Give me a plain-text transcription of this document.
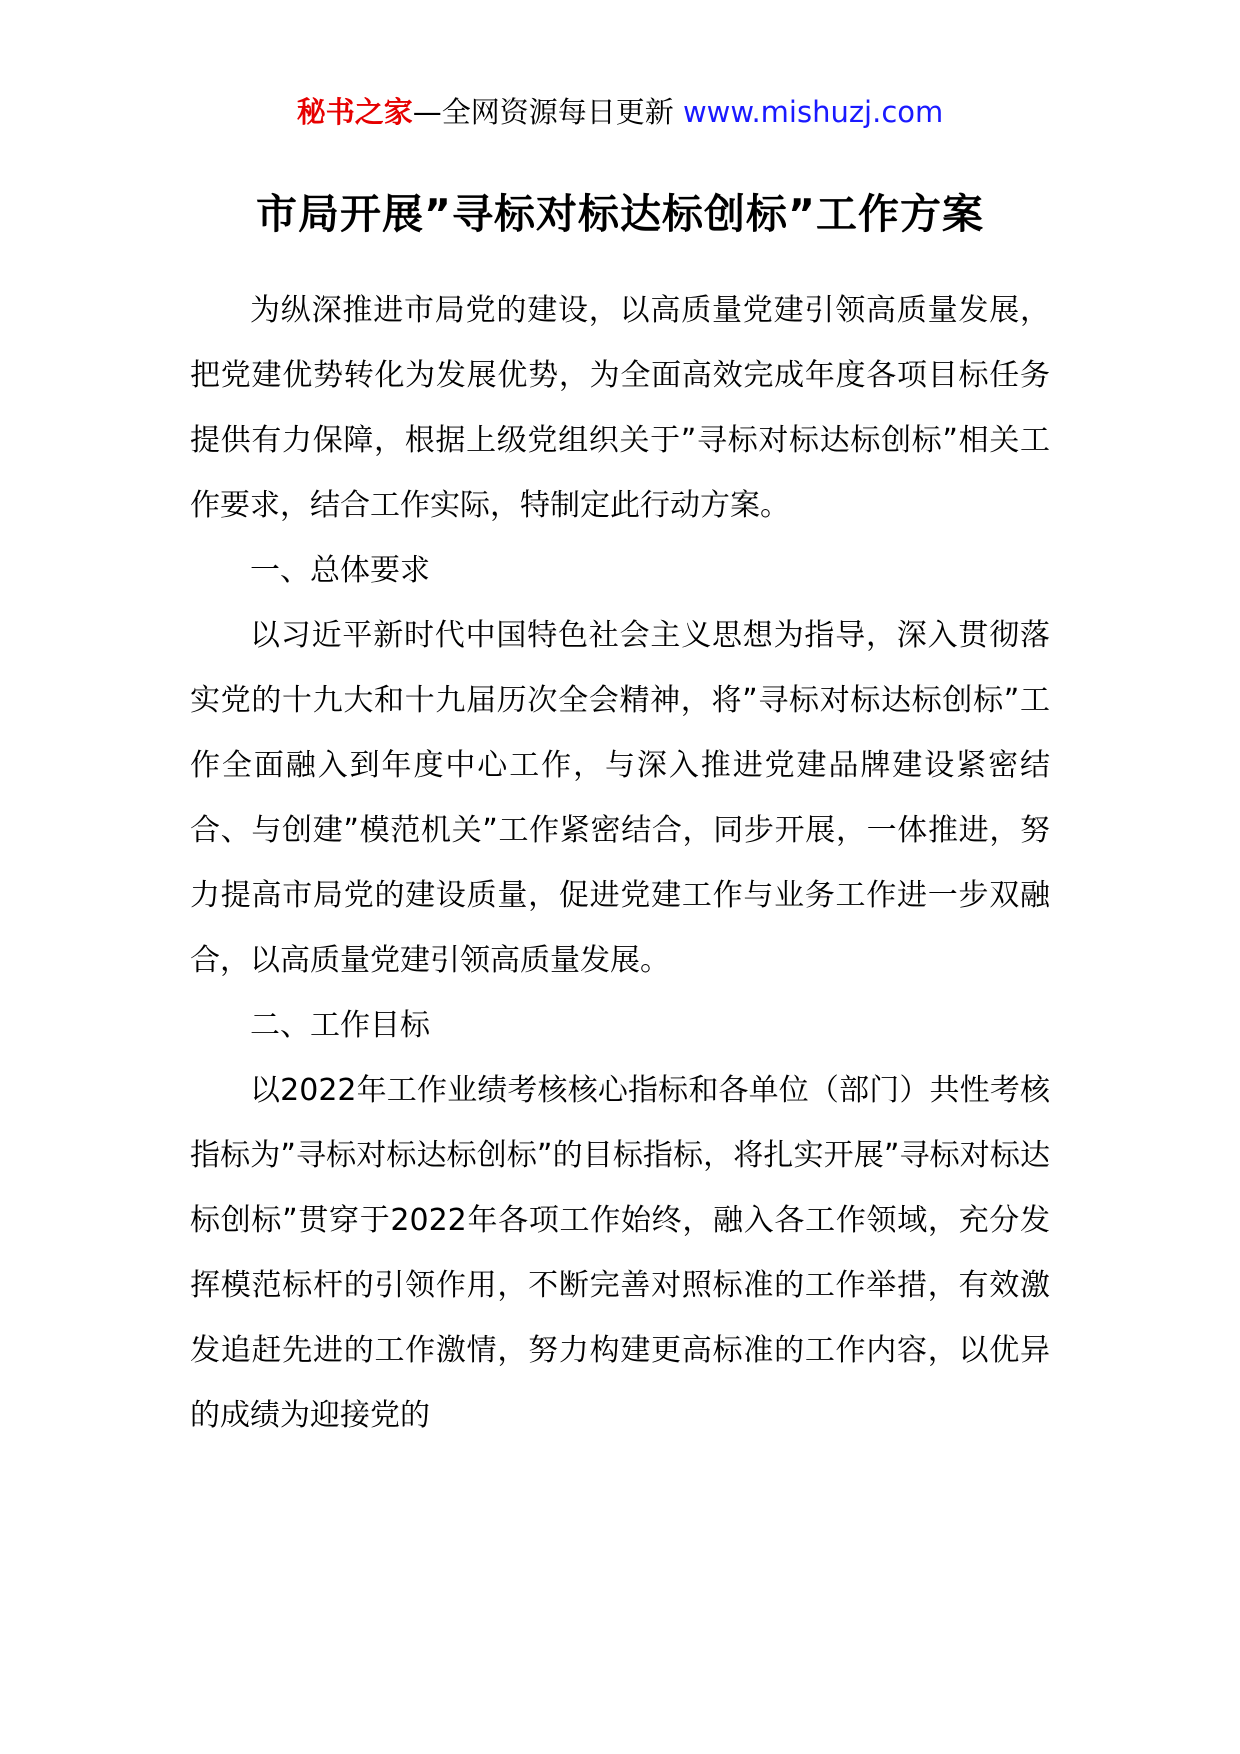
秘书之家—全网资源每日更新 www.mishuzj.com
市局开展”寻标对标达标创标”工作方案

为纵深推进市局党的建设，以高质量党建引领高质量发展，把党建优势转化为发展优势，为全面高效完成年度各项目标任务提供有力保障，根据上级党组织关于”寻标对标达标创标”相关工作要求，结合工作实际，特制定此行动方案。

一、总体要求

以习近平新时代中国特色社会主义思想为指导，深入贯彻落实党的十九大和十九届历次全会精神，将”寻标对标达标创标”工作全面融入到年度中心工作，与深入推进党建品牌建设紧密结合、与创建”模范机关”工作紧密结合，同步开展，一体推进，努力提高市局党的建设质量，促进党建工作与业务工作进一步双融合，以高质量党建引领高质量发展。

二、工作目标

以2022年工作业绩考核核心指标和各单位（部门）共性考核指标为”寻标对标达标创标”的目标指标，将扎实开展”寻标对标达标创标”贯穿于2022年各项工作始终，融入各工作领域，充分发挥模范标杆的引领作用，不断完善对照标准的工作举措，有效激发追赶先进的工作激情，努力构建更高标准的工作内容，以优异的成绩为迎接党的
